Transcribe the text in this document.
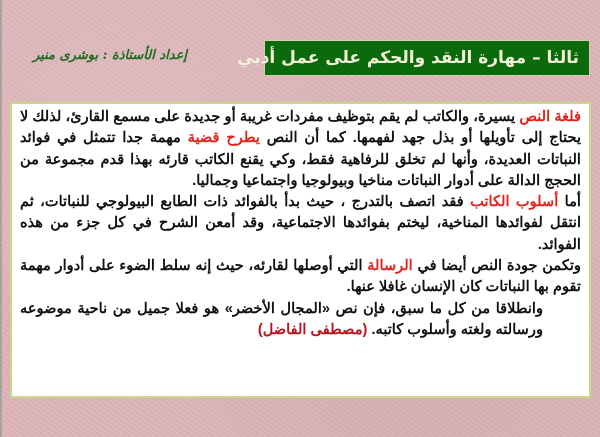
إعداد الأستاذة : بوشرى منير	ثالثا – مهارة النقد والحكم على عمل أدبي

فلغة النص يسيرة، والكاتب لم يقم بتوظيف مفردات غريبة أو جديدة على مسمع القارئ، لذلك لا يحتاج إلى تأويلها أو بذل جهد لفهمها. كما أن النص يطرح قضية مهمة جدا تتمثل في فوائد النباتات العديدة، وأنها لم تخلق للرفاهية فقط، وكي يقنع الكاتب قارئه بهذا قدم مجموعة من الحجج الدالة على أدوار النباتات مناخيا وبيولوجيا واجتماعيا وجماليا.

أما أسلوب الكاتب فقد اتصف بالتدرج ، حيث بدأ بالفوائد ذات الطابع البيولوجي للنباتات، ثم انتقل لفوائدها المناخية، ليختم بفوائدها الاجتماعية، وقد أمعن الشرح في كل جزء من هذه الفوائد.

وتكمن جودة النص أيضا في الرسالة التي أوصلها لقارئه، حيث إنه سلط الضوء على أدوار مهمة تقوم بها النباتات كان الإنسان غافلا عنها.

وانطلاقا من كل ما سبق، فإن نص «المجال الأخضر» هو فعلا جميل من ناحية موضوعه ورسالته ولغته وأسلوب كاتبه. (مصطفى الفاضل)
